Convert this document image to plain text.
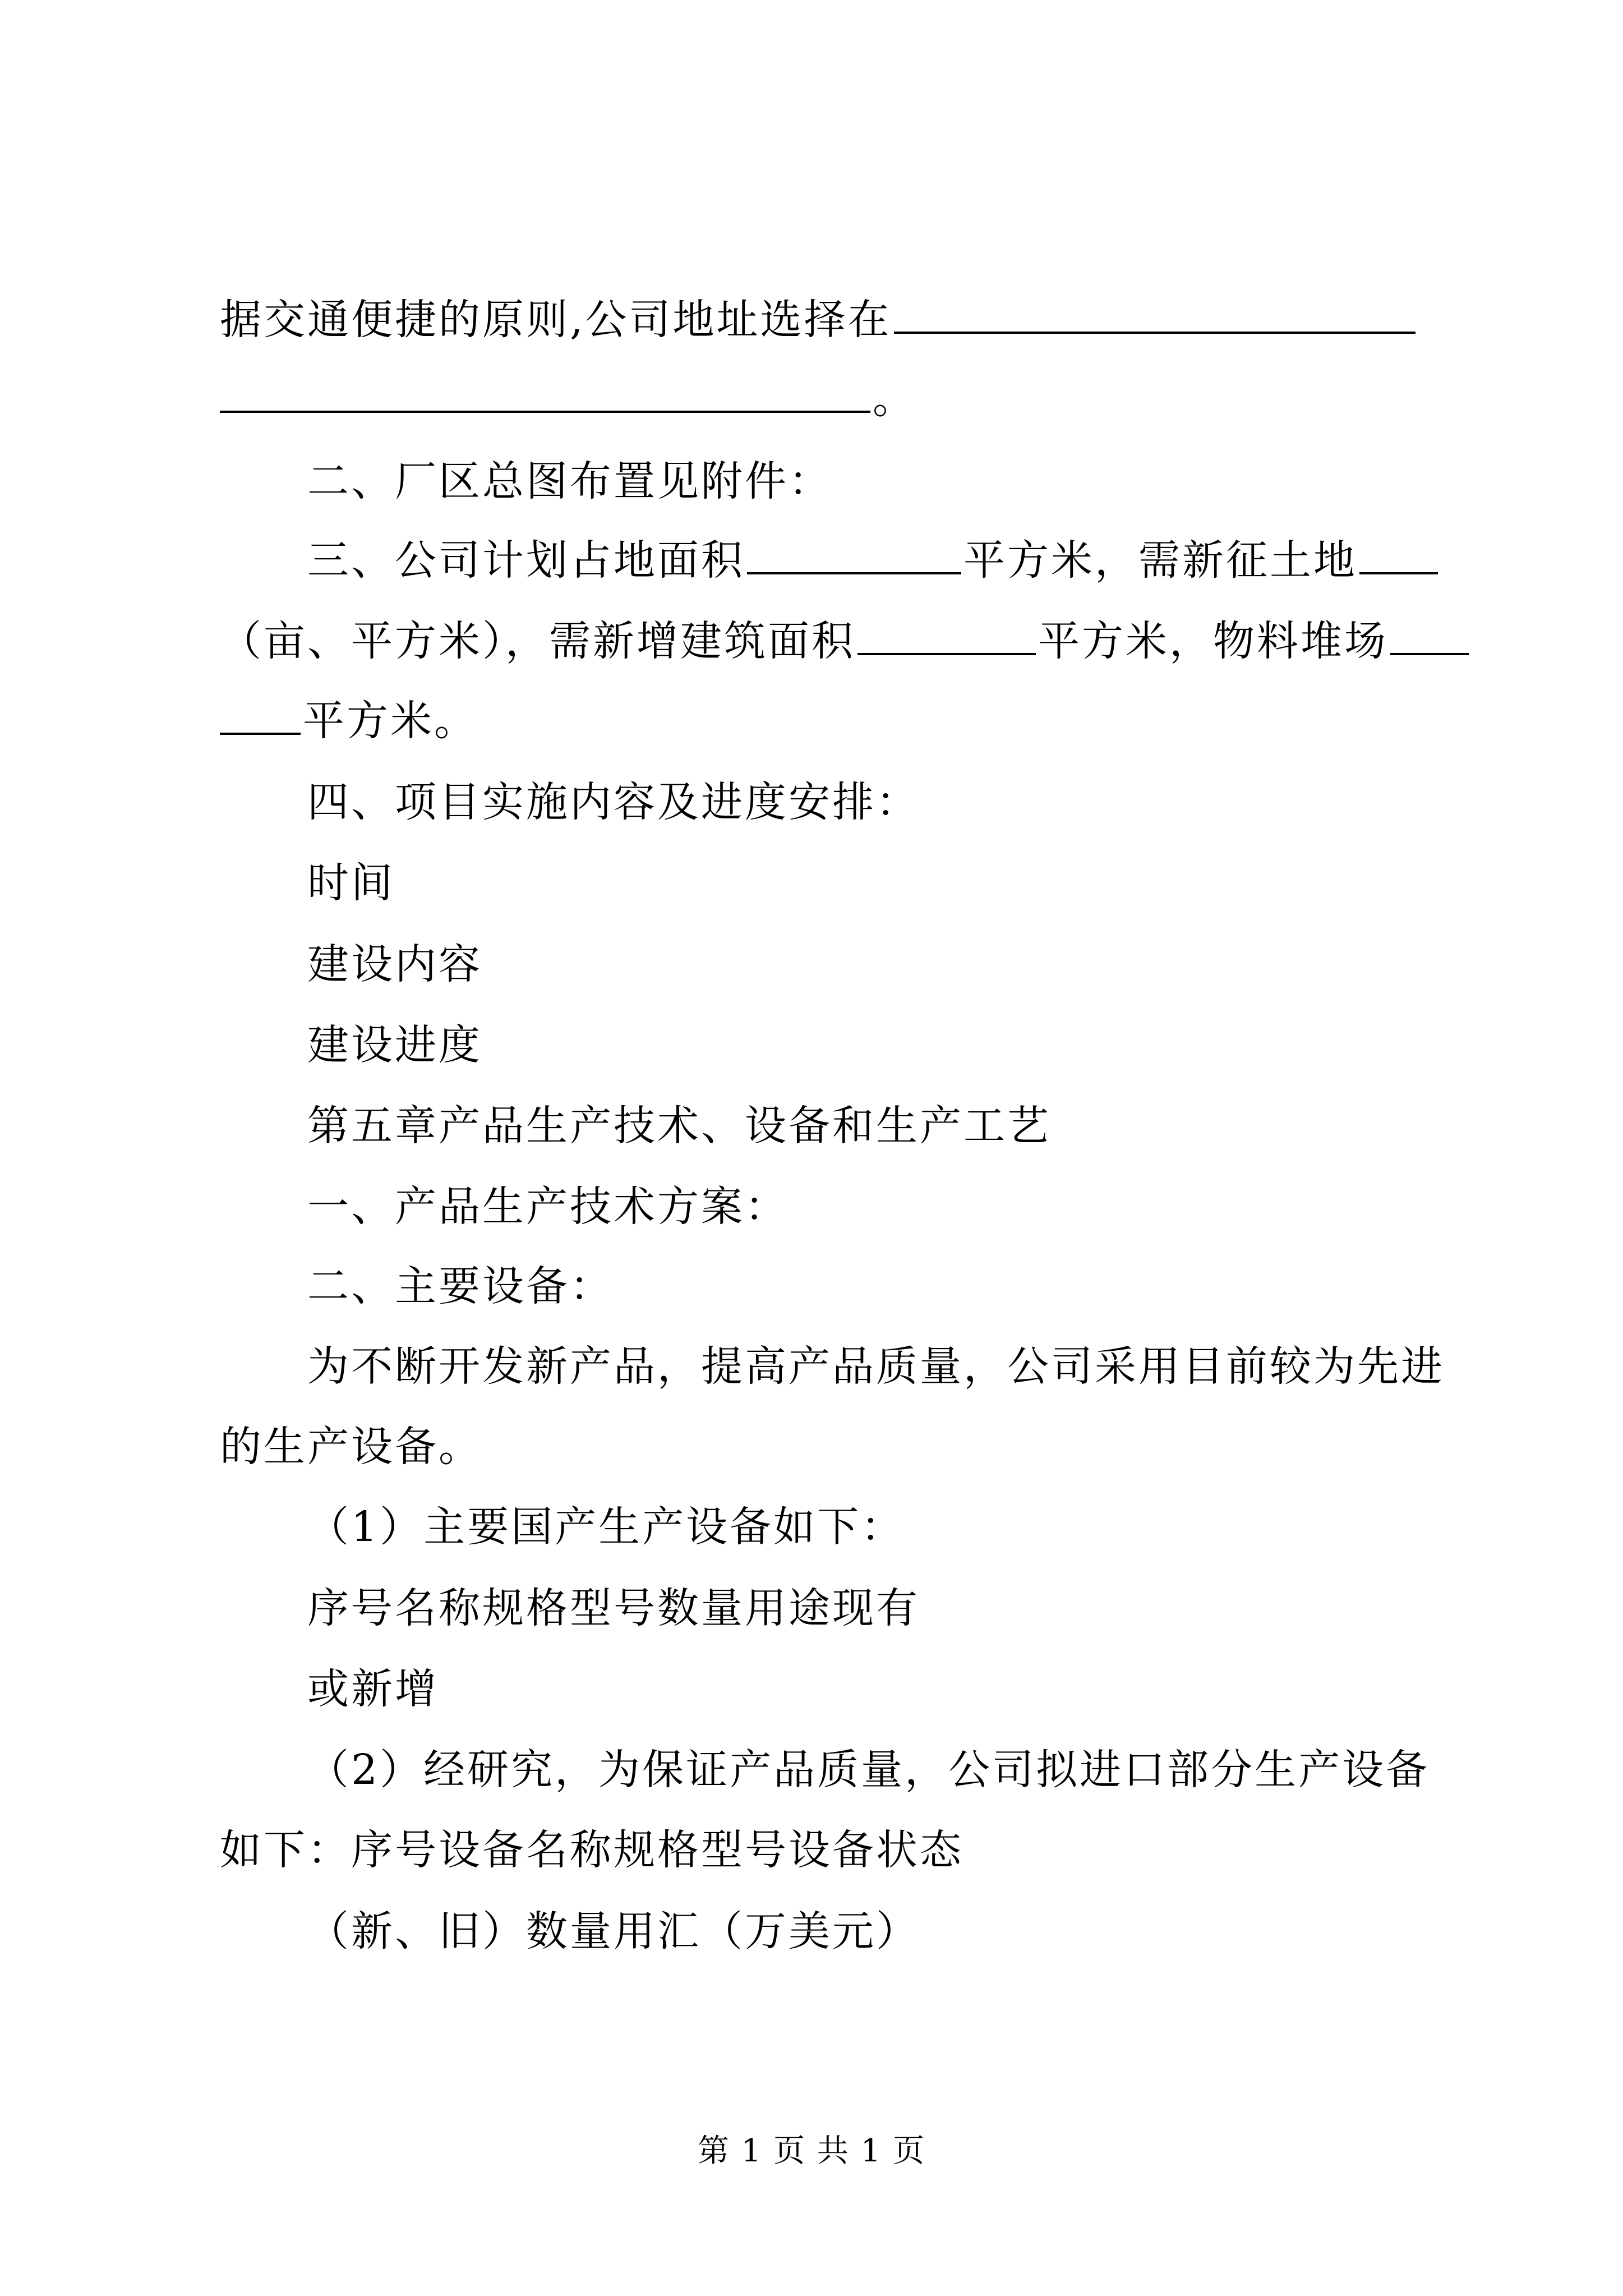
据交通便捷的原则,公司地址选择在
。
二、厂区总图布置见附件：
三、公司计划占地面积	平方米，需新征土地
（亩、平方米），需新增建筑面积	平方米，物料堆场
平方米。
四、项目实施内容及进度安排：
时间
建设内容
建设进度
第五章产品生产技术、设备和生产工艺
一、产品生产技术方案：
二、主要设备：
为不断开发新产品，提高产品质量，公司采用目前较为先进
的生产设备。
（1）主要国产生产设备如下：
序号名称规格型号数量用途现有
或新增
（2）经研究，为保证产品质量，公司拟进口部分生产设备
如下：序号设备名称规格型号设备状态
（新、旧）数量用汇（万美元）
第 1 页 共 1 页
